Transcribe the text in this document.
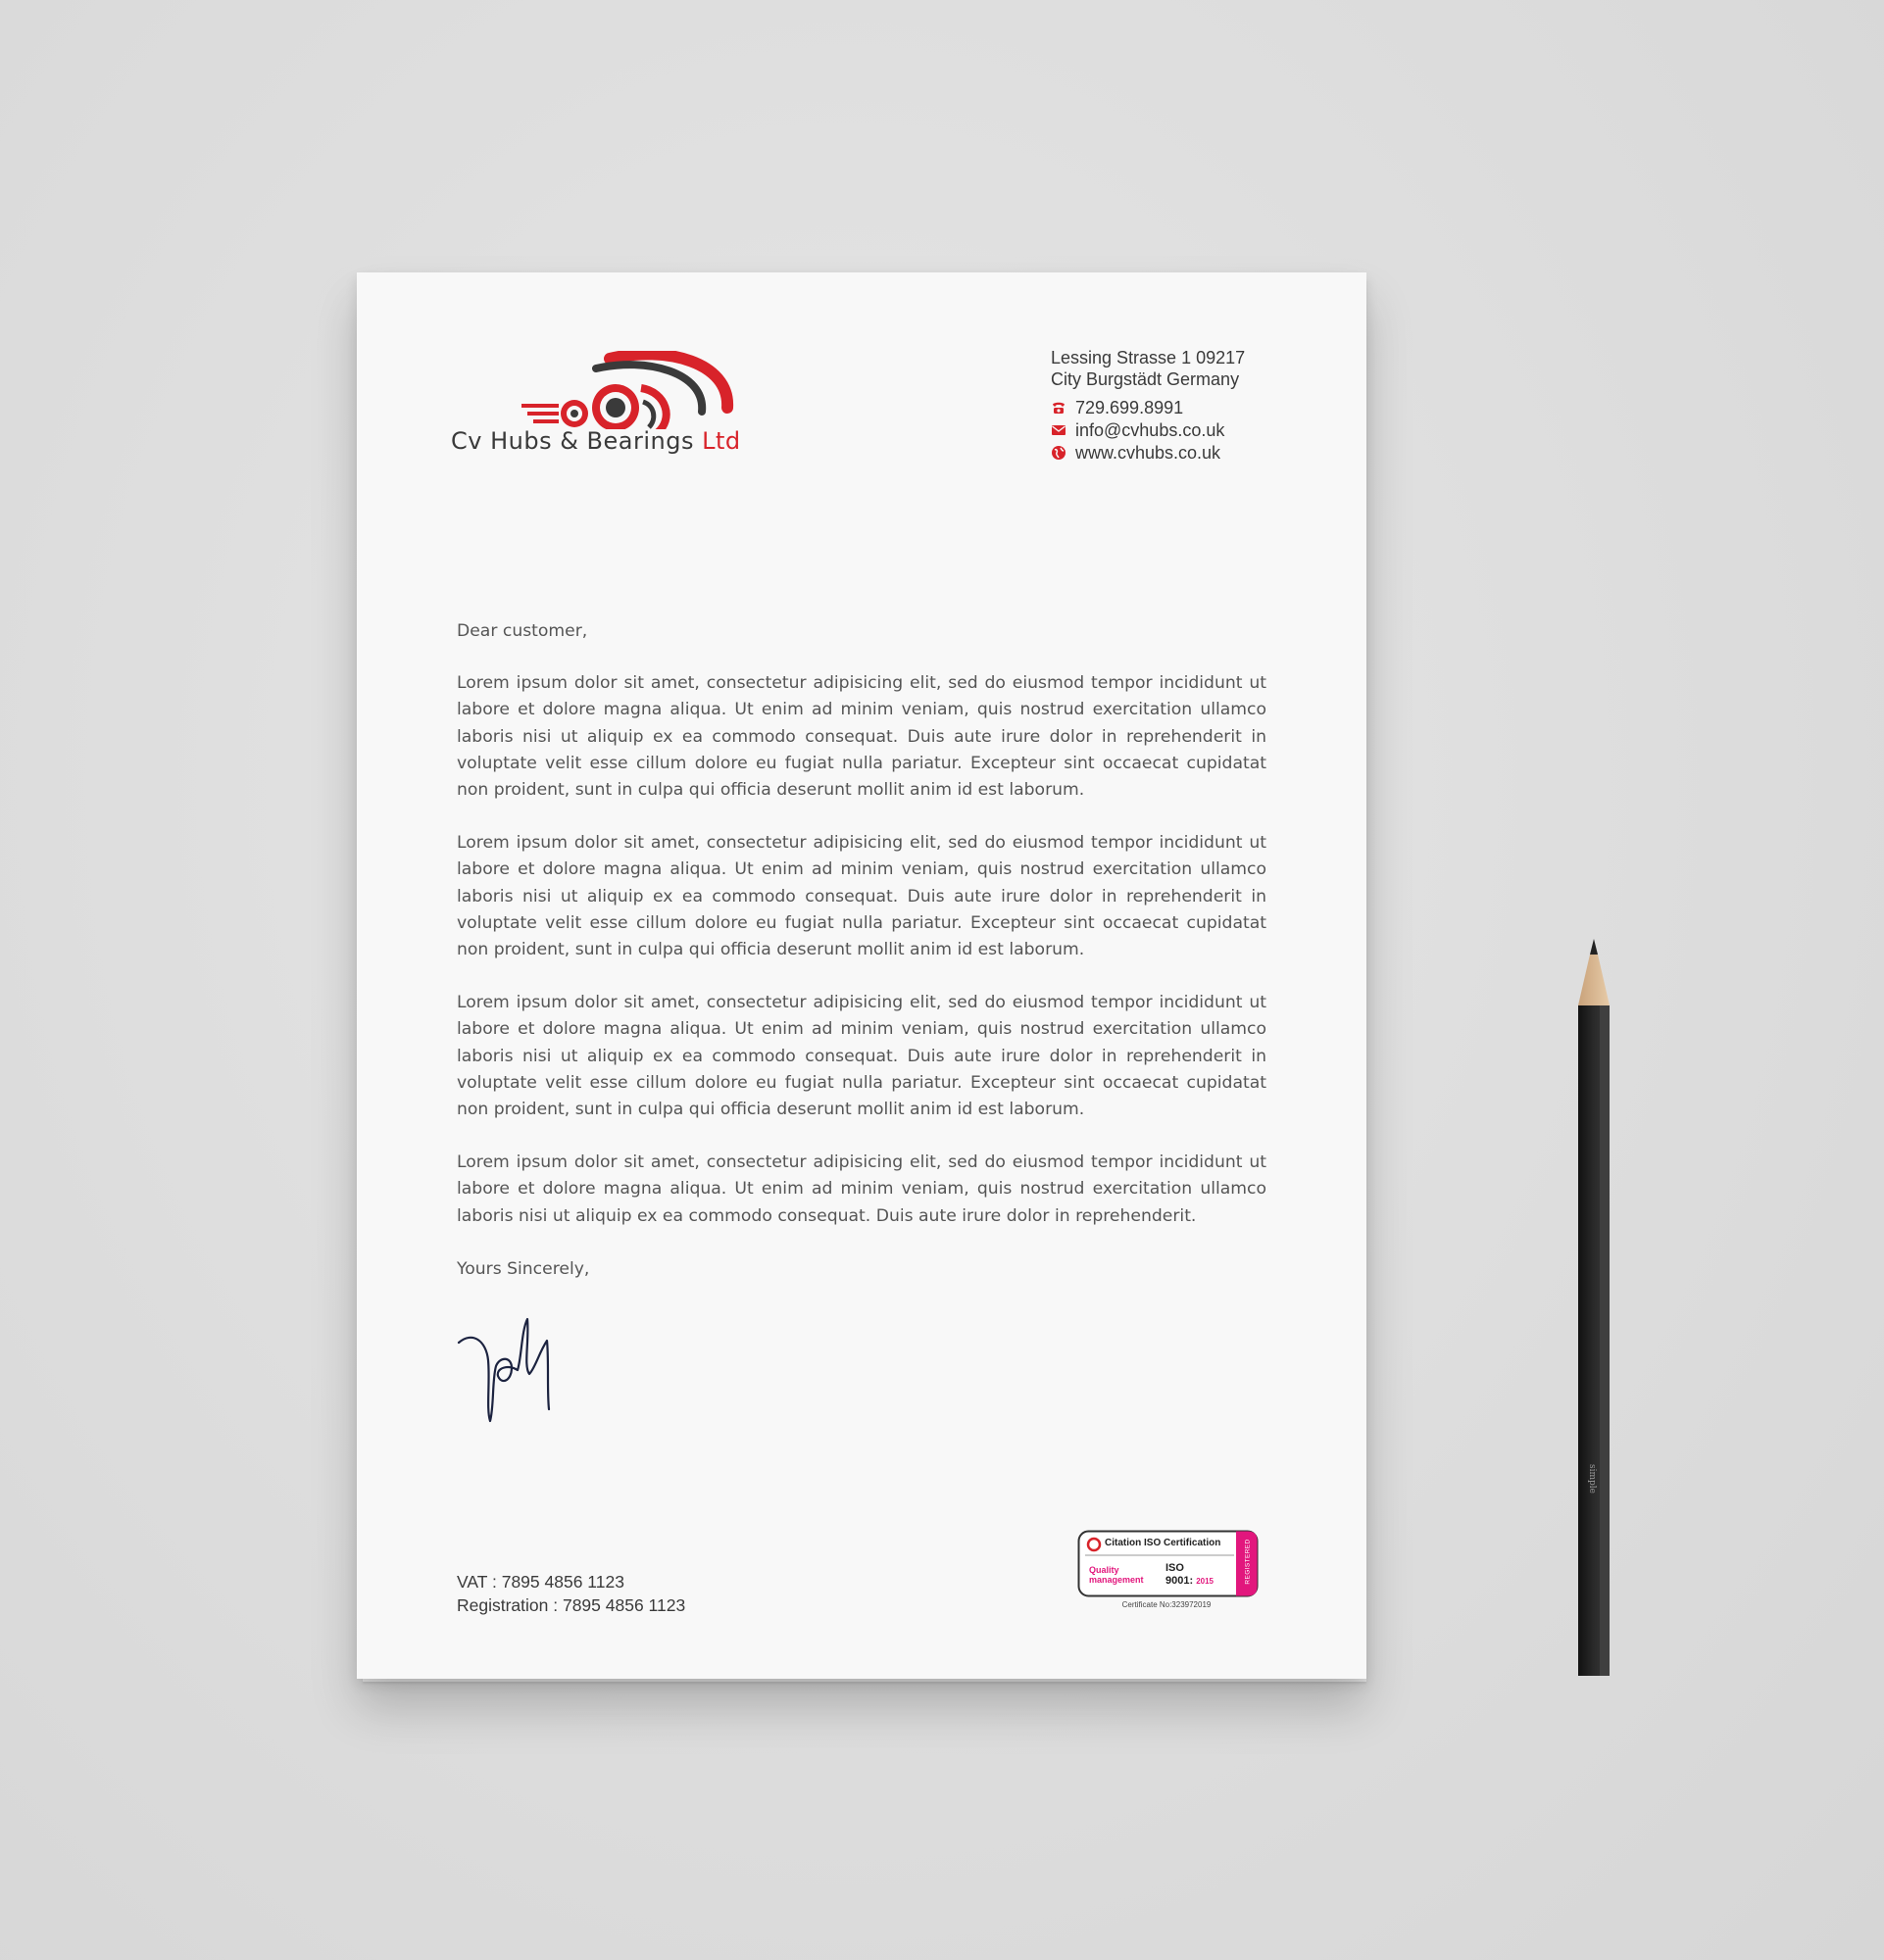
Cv Hubs & Bearings Ltd
Lessing Strasse 1 09217
City Burgstädt Germany
729.699.8991
info@cvhubs.co.uk
www.cvhubs.co.uk

Dear customer,

Lorem ipsum dolor sit amet, consectetur adipisicing elit, sed do eiusmod tempor incididunt ut labore et dolore magna aliqua. Ut enim ad minim veniam, quis nostrud exercitation ullamco laboris nisi ut aliquip ex ea commodo consequat. Duis aute irure dolor in reprehenderit in voluptate velit esse cillum dolore eu fugiat nulla pariatur. Excepteur sint occaecat cupidatat non proident, sunt in culpa qui officia deserunt mollit anim id est laborum.

Lorem ipsum dolor sit amet, consectetur adipisicing elit, sed do eiusmod tempor incididunt ut labore et dolore magna aliqua. Ut enim ad minim veniam, quis nostrud exercitation ullamco laboris nisi ut aliquip ex ea commodo consequat. Duis aute irure dolor in reprehenderit in voluptate velit esse cillum dolore eu fugiat nulla pariatur. Excepteur sint occaecat cupidatat non proident, sunt in culpa qui officia deserunt mollit anim id est laborum.

Lorem ipsum dolor sit amet, consectetur adipisicing elit, sed do eiusmod tempor incididunt ut labore et dolore magna aliqua. Ut enim ad minim veniam, quis nostrud exercitation ullamco laboris nisi ut aliquip ex ea commodo consequat. Duis aute irure dolor in reprehenderit in voluptate velit esse cillum dolore eu fugiat nulla pariatur. Excepteur sint occaecat cupidatat non proident, sunt in culpa qui officia deserunt mollit anim id est laborum.

Lorem ipsum dolor sit amet, consectetur adipisicing elit, sed do eiusmod tempor incididunt ut labore et dolore magna aliqua. Ut enim ad minim veniam, quis nostrud exercitation ullamco laboris nisi ut aliquip ex ea commodo consequat. Duis aute irure dolor in reprehenderit.

Yours Sincerely,

VAT : 7895 4856 1123
Registration : 7895 4856 1123
Citation ISO Certification
Quality
management
ISO
9001: 2015	REGISTERED
Certificate No:323972019
simple
